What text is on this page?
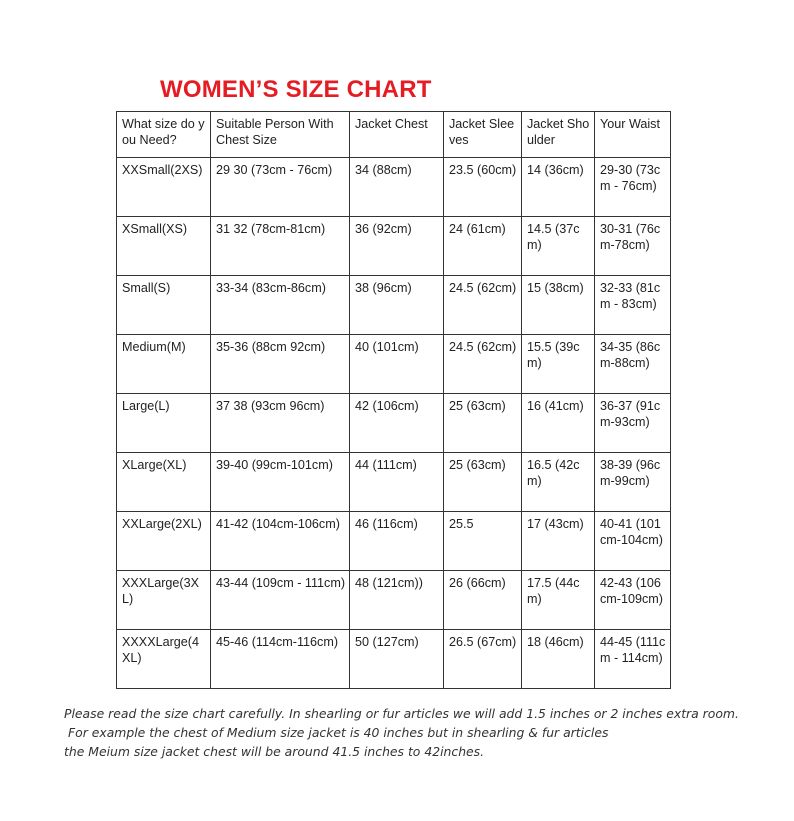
WOMEN’S SIZE CHART
What size do you Need?	Suitable Person With Chest Size	Jacket Chest	Jacket Sleeves	Jacket Shoulder	Your Waist
XXSmall(2XS)	29 30 (73cm - 76cm)	34 (88cm)	23.5 (60cm)	14 (36cm)	29-30 (73cm - 76cm)
XSmall(XS)	31 32 (78cm-81cm)	36 (92cm)	24 (61cm)	14.5 (37cm)	30-31 (76cm-78cm)
Small(S)	33-34 (83cm-86cm)	38 (96cm)	24.5 (62cm)	15 (38cm)	32-33 (81cm - 83cm)
Medium(M)	35-36 (88cm 92cm)	40 (101cm)	24.5 (62cm)	15.5 (39cm)	34-35 (86cm-88cm)
Large(L)	37 38 (93cm 96cm)	42 (106cm)	25 (63cm)	16 (41cm)	36-37 (91cm-93cm)
XLarge(XL)	39-40 (99cm-101cm)	44 (111cm)	25 (63cm)	16.5 (42cm)	38-39 (96cm-99cm)
XXLarge(2XL)	41-42 (104cm-106cm)	46 (116cm)	25.5	17 (43cm)	40-41 (101cm-104cm)
XXXLarge(3XL)	43-44 (109cm - 111cm)	48 (121cm))	26 (66cm)	17.5 (44cm)	42-43 (106cm-109cm)
XXXXLarge(4XL)	45-46 (114cm-116cm)	50 (127cm)	26.5 (67cm)	18 (46cm)	44-45 (111cm - 114cm)
Please read the size chart carefully. In shearling or fur articles we will add 1.5 inches or 2 inches extra room.
For example the chest of Medium size jacket is 40 inches but in shearling & fur articles
the Meium size jacket chest will be around 41.5 inches to 42inches.
